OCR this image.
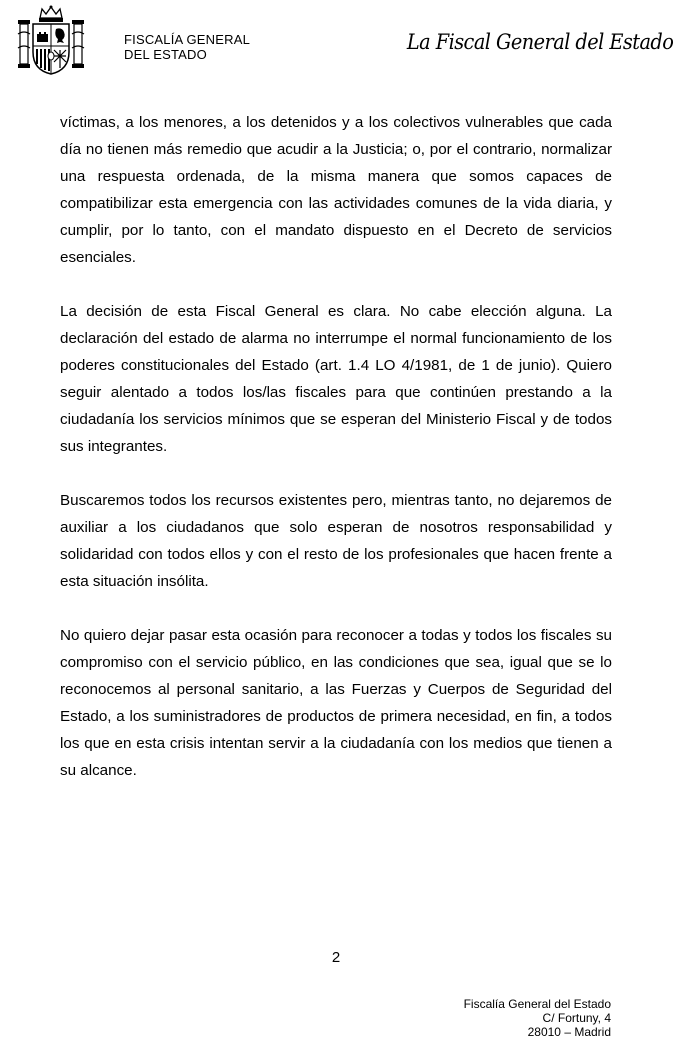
FISCALÍA GENERAL
DEL ESTADO
La Fiscal General del Estado

víctimas, a los menores, a los detenidos y a los colectivos vulnerables que cada día no tienen más remedio que acudir a la Justicia; o, por el contrario, normalizar una respuesta ordenada, de la misma manera que somos capaces de compatibilizar esta emergencia con las actividades comunes de la vida diaria, y cumplir, por lo tanto, con el mandato dispuesto en el Decreto de servicios esenciales.

La decisión de esta Fiscal General es clara. No cabe elección alguna. La declaración del estado de alarma no interrumpe el normal funcionamiento de los poderes constitucionales del Estado (art. 1.4 LO 4/1981, de 1 de junio). Quiero seguir alentado a todos los/las fiscales para que continúen prestando a la ciudadanía los servicios mínimos que se esperan del Ministerio Fiscal y de todos sus integrantes.

Buscaremos todos los recursos existentes pero, mientras tanto, no dejaremos de auxiliar a los ciudadanos que solo esperan de nosotros responsabilidad y solidaridad con todos ellos y con el resto de los profesionales que hacen frente a esta situación insólita.

No quiero dejar pasar esta ocasión para reconocer a todas y todos los fiscales su compromiso con el servicio público, en las condiciones que sea, igual que se lo reconocemos al personal sanitario, a las Fuerzas y Cuerpos de Seguridad del Estado, a los suministradores de productos de primera necesidad, en fin, a todos los que en esta crisis intentan servir a la ciudadanía con los medios que tienen a su alcance.

2
Fiscalía General del Estado
C/ Fortuny, 4
28010 – Madrid
